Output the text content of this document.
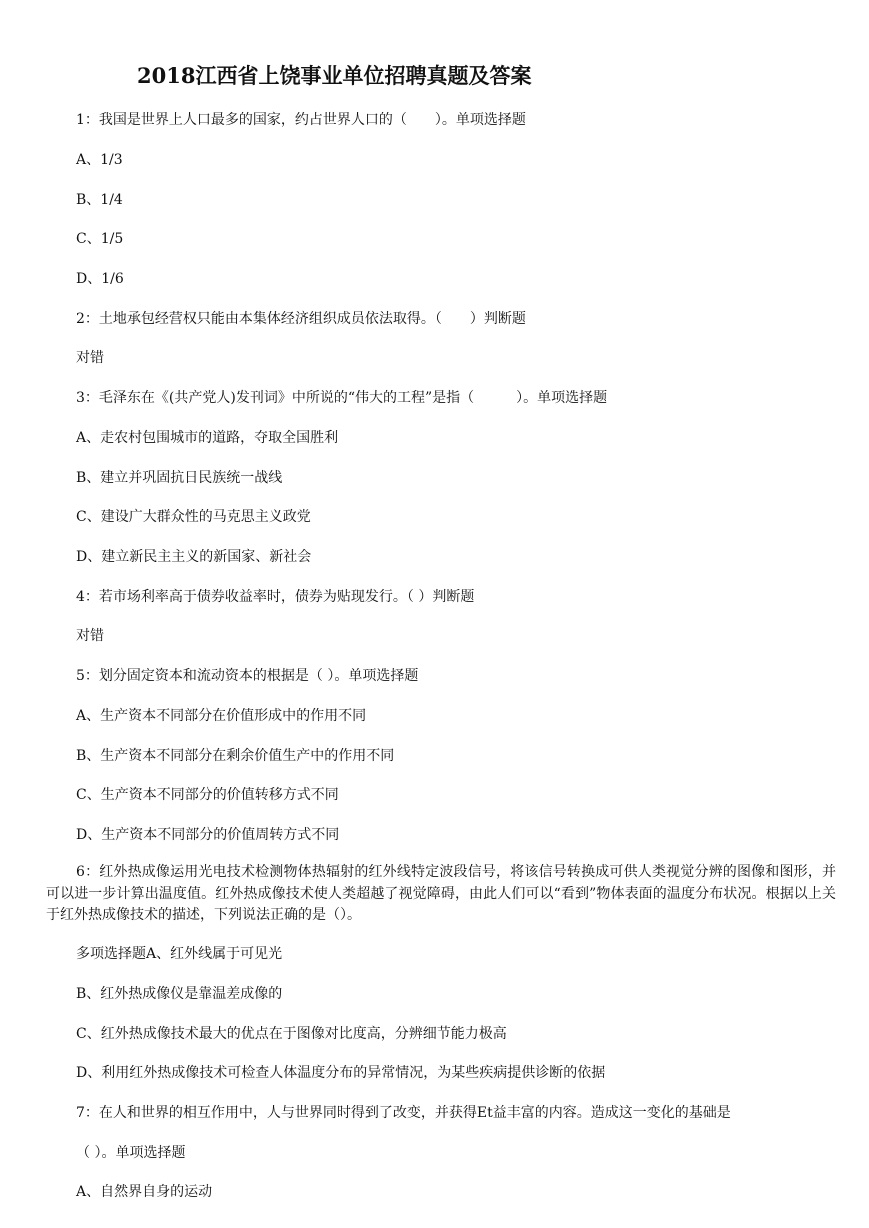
2018江西省上饶事业单位招聘真题及答案
1：我国是世界上人口最多的国家，约占世界人口的（　　）。单项选择题
A、1/3
B、1/4
C、1/5
D、1/6
2：土地承包经营权只能由本集体经济组织成员依法取得。（　　）判断题
对错
3：毛泽东在《(共产党人)发刊词》中所说的“伟大的工程”是指（　　　）。单项选择题
A、走农村包围城市的道路，夺取全国胜利
B、建立并巩固抗日民族统一战线
C、建设广大群众性的马克思主义政党
D、建立新民主主义的新国家、新社会
4：若市场利率高于债券收益率时，债券为贴现发行。（ ）判断题
对错
5：划分固定资本和流动资本的根据是（ ）。单项选择题
A、生产资本不同部分在价值形成中的作用不同
B、生产资本不同部分在剩余价值生产中的作用不同
C、生产资本不同部分的价值转移方式不同
D、生产资本不同部分的价值周转方式不同
6：红外热成像运用光电技术检测物体热辐射的红外线特定波段信号，将该信号转换成可供人类视觉分辨的图像和图形，并可以进一步计算出温度值。红外热成像技术使人类超越了视觉障碍，由此人们可以“看到”物体表面的温度分布状况。根据以上关于红外热成像技术的描述，下列说法正确的是（）。
多项选择题A、红外线属于可见光
B、红外热成像仪是靠温差成像的
C、红外热成像技术最大的优点在于图像对比度高，分辨细节能力极高
D、利用红外热成像技术可检查人体温度分布的异常情况，为某些疾病提供诊断的依据
7：在人和世界的相互作用中，人与世界同时得到了改变，并获得Et益丰富的内容。造成这一变化的基础是
（ ）。单项选择题
A、自然界自身的运动
